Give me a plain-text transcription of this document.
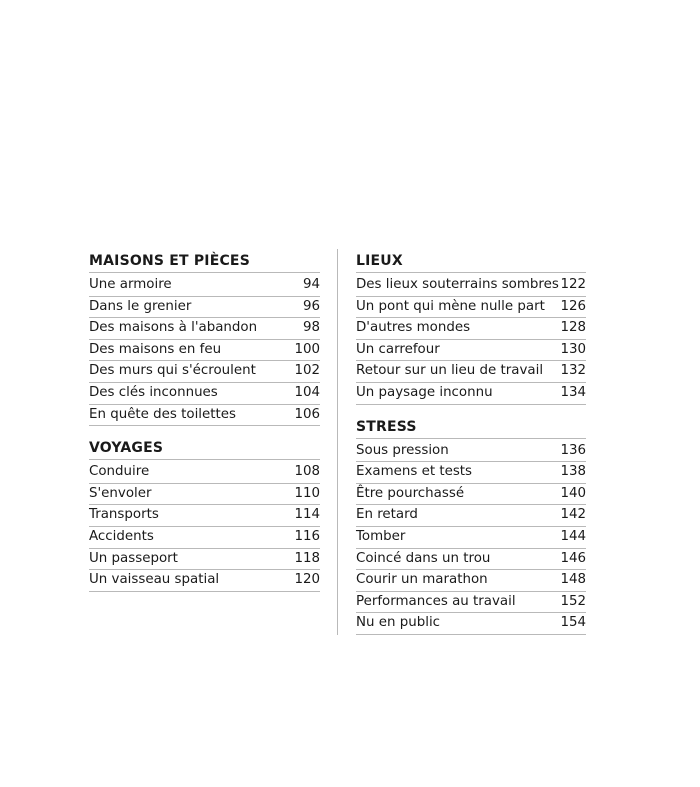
MAISONS ET PIÈCES
Une armoire	94
Dans le grenier	96
Des maisons à l'abandon	98
Des maisons en feu	100
Des murs qui s'écroulent	102
Des clés inconnues	104
En quête des toilettes	106
VOYAGES
Conduire	108
S'envoler	110
Transports	114
Accidents	116
Un passeport	118
Un vaisseau spatial	120
LIEUX
Des lieux souterrains sombres 122
Un pont qui mène nulle part 126
D'autres mondes	128
Un carrefour	130
Retour sur un lieu de travail 132
Un paysage inconnu	134
STRESS
Sous pression	136
Examens et tests	138
Être pourchassé	140
En retard	142
Tomber	144
Coincé dans un trou	146
Courir un marathon	148
Performances au travail	152
Nu en public	154
